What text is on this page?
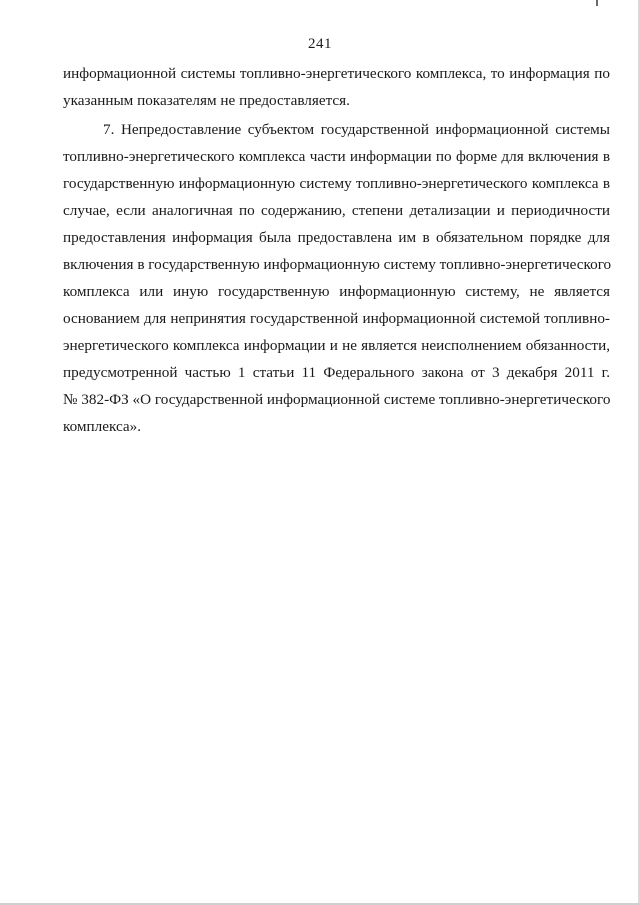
241
информационной системы топливно-энергетического комплекса, то информация по
указанным показателям не предоставляется.
7. Непредоставление субъектом государственной информационной системы
топливно-энергетического комплекса части информации по форме для включения в
государственную информационную систему топливно-энергетического комплекса в
случае, если аналогичная по содержанию, степени детализации и периодичности
предоставления информация была предоставлена им в обязательном порядке для
включения в государственную информационную систему топливно-энергетического
комплекса или иную государственную информационную систему, не является
основанием для непринятия государственной информационной системой топливно-
энергетического комплекса информации и не является неисполнением обязанности,
предусмотренной частью 1 статьи 11 Федерального закона от 3 декабря 2011 г.
№ 382-ФЗ «О государственной информационной системе топливно-энергетического
комплекса».
